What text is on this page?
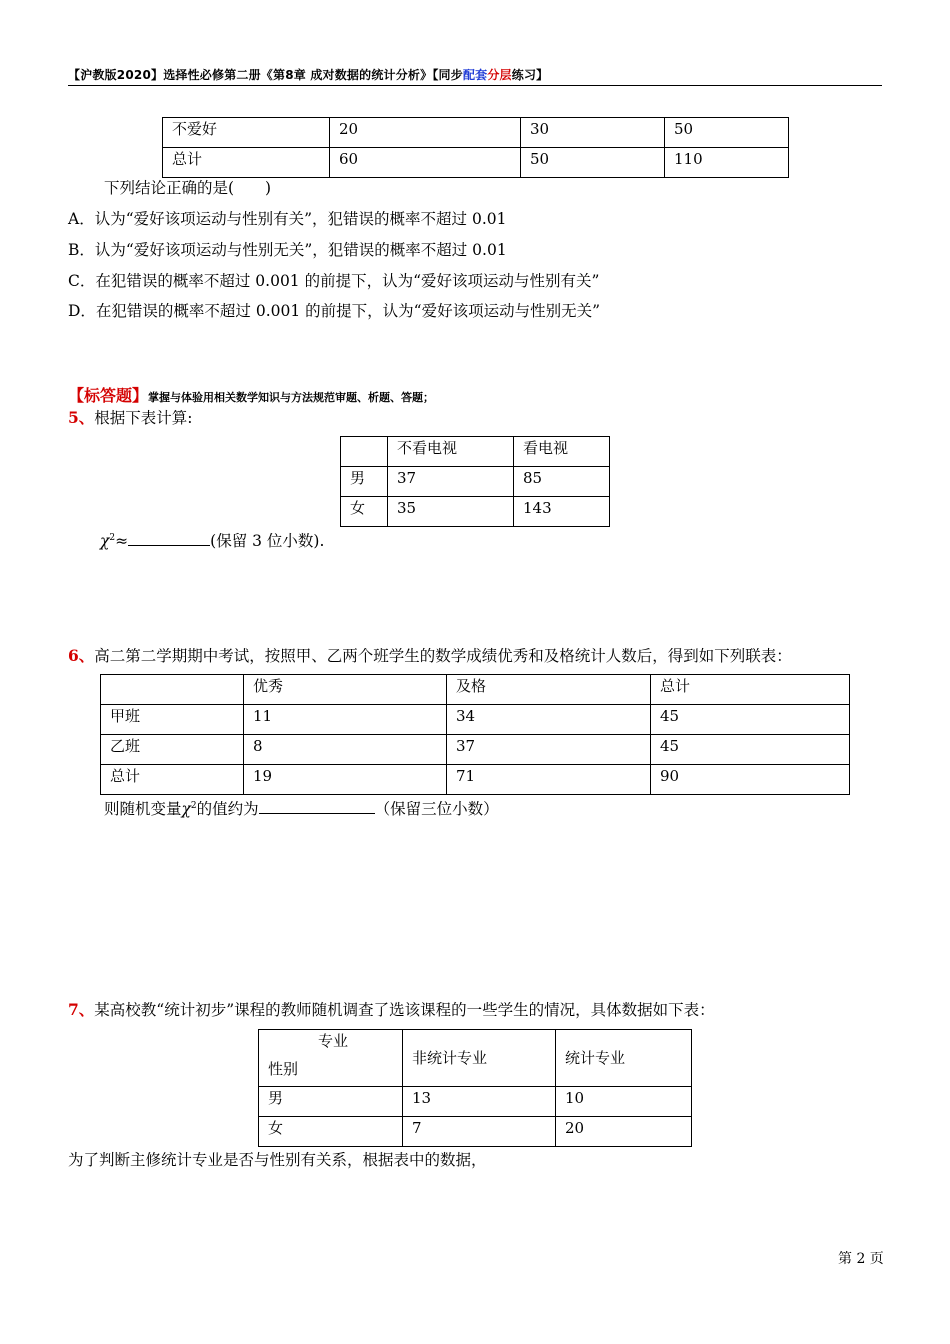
【沪教版2020】选择性必修第二册《第8章 成对数据的统计分析》【同步配套分层练习】
不爱好	20	30	50
总计	60	50	110
下列结论正确的是(　　)
A．认为“爱好该项运动与性别有关”，犯错误的概率不超过 0.01
B．认为“爱好该项运动与性别无关”，犯错误的概率不超过 0.01
C．在犯错误的概率不超过 0.001 的前提下，认为“爱好该项运动与性别有关”
D．在犯错误的概率不超过 0.001 的前提下，认为“爱好该项运动与性别无关”
【标答题】掌握与体验用相关数学知识与方法规范审题、析题、答题；
5、根据下表计算:
	不看电视	看电视
男	37	85
女	35	143
$\chi^2\approx$	(保留 3 位小数).
6、高二第二学期期中考试，按照甲、乙两个班学生的数学成绩优秀和及格统计人数后，得到如下列联表：
	优秀	及格	总计
甲班	11	34	45
乙班	8	37	45
总计	19	71	90
则随机变量$\chi^2$的值约为	（保留三位小数）
7、某高校教“统计初步”课程的教师随机调查了选该课程的一些学生的情况，具体数据如下表：
专业
性别	非统计专业	统计专业
男	13	10
女	7	20
为了判断主修统计专业是否与性别有关系，根据表中的数据，
第 2 页
